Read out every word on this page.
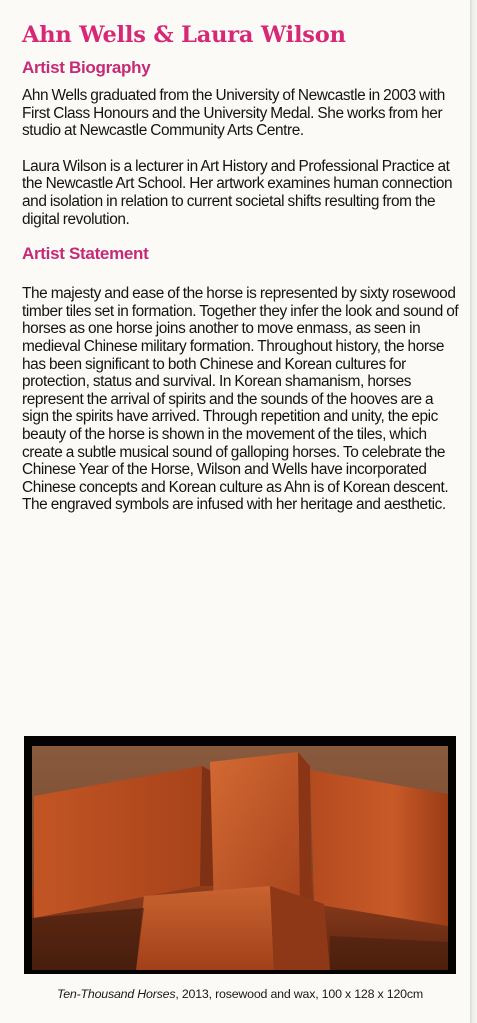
Ahn Wells & Laura Wilson
Artist Biography

Ahn Wells graduated from the University of Newcastle in 2003 with First Class Honours and the University Medal. She works from her studio at Newcastle Community Arts Centre.

Laura Wilson is a lecturer in Art History and Professional Practice at the Newcastle Art School. Her artwork examines human connection and isolation in relation to current societal shifts resulting from the digital revolution.

Artist Statement

The majesty and ease of the horse is represented by sixty rosewood timber tiles set in formation. Together they infer the look and sound of horses as one horse joins another to move enmass, as seen in medieval Chinese military formation. Throughout history, the horse has been significant to both Chinese and Korean cultures for protection, status and survival. In Korean shamanism, horses represent the arrival of spirits and the sounds of the hooves are a sign the spirits have arrived. Through repetition and unity, the epic beauty of the horse is shown in the movement of the tiles, which create a subtle musical sound of galloping horses. To celebrate the Chinese Year of the Horse, Wilson and Wells have incorporated Chinese concepts and Korean culture as Ahn is of Korean descent. The engraved symbols are infused with her heritage and aesthetic.

Ten-Thousand Horses, 2013, rosewood and wax, 100 x 128 x 120cm
